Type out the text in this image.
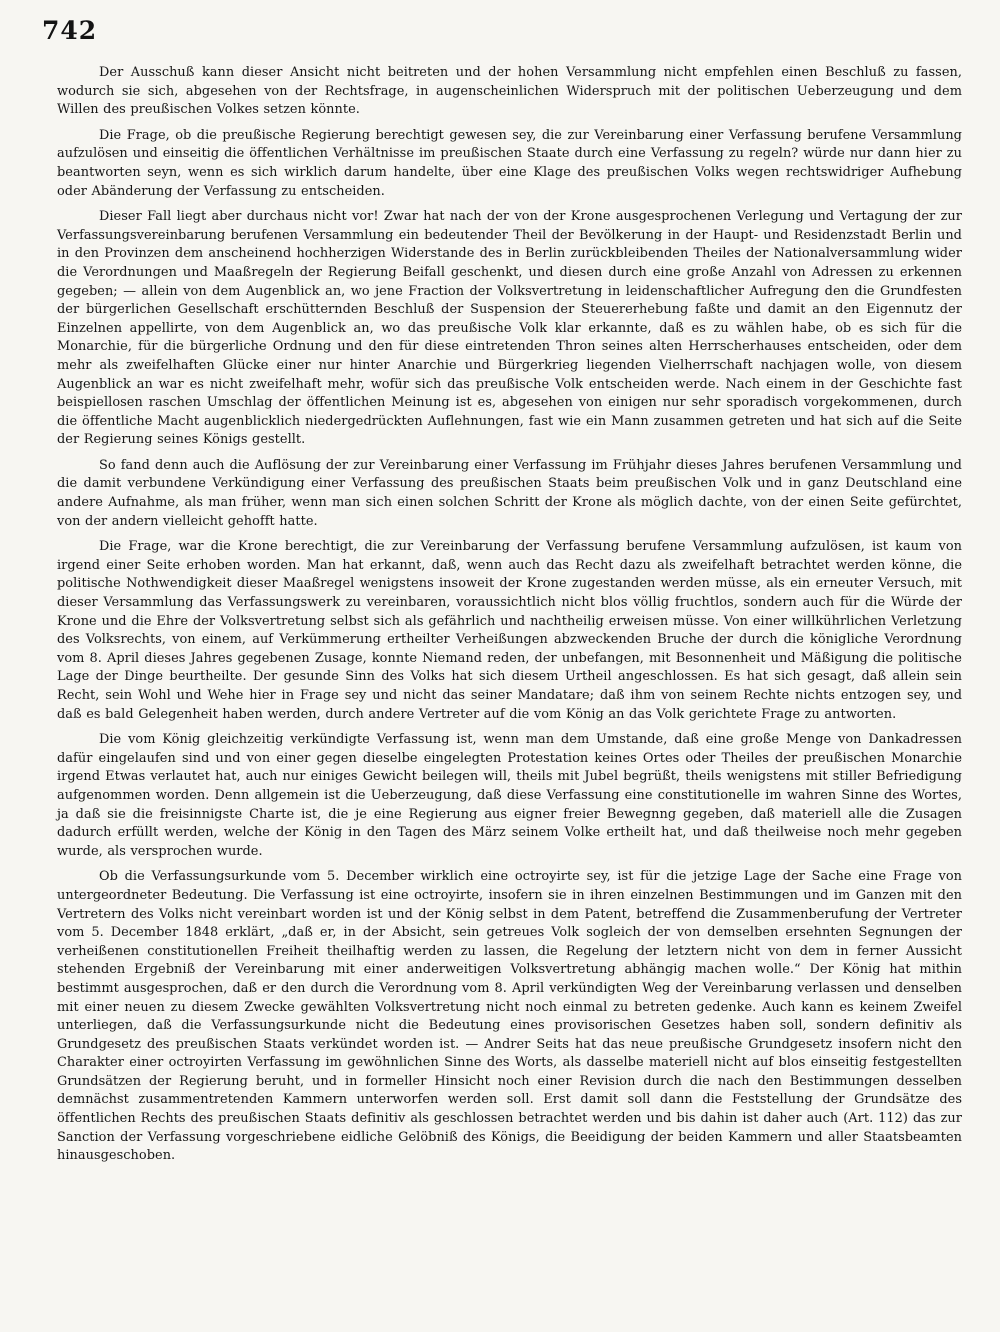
742

Der Ausschuß kann dieser Ansicht nicht beitreten und der hohen Versammlung nicht empfehlen einen Beschluß zu fassen, wodurch sie sich, abgesehen von der Rechtsfrage, in augenscheinlichen Widerspruch mit der politischen Ueberzeugung und dem Willen des preußischen Volkes setzen könnte.

Die Frage, ob die preußische Regierung berechtigt gewesen sey, die zur Vereinbarung einer Verfassung berufene Versammlung aufzulösen und einseitig die öffentlichen Verhältnisse im preußischen Staate durch eine Verfassung zu regeln? würde nur dann hier zu beantworten seyn, wenn es sich wirklich darum handelte, über eine Klage des preußischen Volks wegen rechtswidriger Aufhebung oder Abänderung der Verfassung zu entscheiden.

Dieser Fall liegt aber durchaus nicht vor! Zwar hat nach der von der Krone ausgesprochenen Verlegung und Vertagung der zur Verfassungsvereinbarung berufenen Versammlung ein bedeutender Theil der Bevölkerung in der Haupt- und Residenzstadt Berlin und in den Provinzen dem anscheinend hochherzigen Widerstande des in Berlin zurückbleibenden Theiles der Nationalversammlung wider die Verordnungen und Maaßregeln der Regierung Beifall geschenkt, und diesen durch eine große Anzahl von Adressen zu erkennen gegeben; — allein von dem Augenblick an, wo jene Fraction der Volksvertretung in leidenschaftlicher Aufregung den die Grundfesten der bürgerlichen Gesellschaft erschütternden Beschluß der Suspension der Steuererhebung faßte und damit an den Eigennutz der Einzelnen appellirte, von dem Augenblick an, wo das preußische Volk klar erkannte, daß es zu wählen habe, ob es sich für die Monarchie, für die bürgerliche Ordnung und den für diese eintretenden Thron seines alten Herrscherhauses entscheiden, oder dem mehr als zweifelhaften Glücke einer nur hinter Anarchie und Bürgerkrieg liegenden Vielherrschaft nachjagen wolle, von diesem Augenblick an war es nicht zweifelhaft mehr, wofür sich das preußische Volk entscheiden werde. Nach einem in der Geschichte fast beispiellosen raschen Umschlag der öffentlichen Meinung ist es, abgesehen von einigen nur sehr sporadisch vorgekommenen, durch die öffentliche Macht augenblicklich niedergedrückten Auflehnungen, fast wie ein Mann zusammen getreten und hat sich auf die Seite der Regierung seines Königs gestellt.

So fand denn auch die Auflösung der zur Vereinbarung einer Verfassung im Frühjahr dieses Jahres berufenen Versammlung und die damit verbundene Verkündigung einer Verfassung des preußischen Staats beim preußischen Volk und in ganz Deutschland eine andere Aufnahme, als man früher, wenn man sich einen solchen Schritt der Krone als möglich dachte, von der einen Seite gefürchtet, von der andern vielleicht gehofft hatte.

Die Frage, war die Krone berechtigt, die zur Vereinbarung der Verfassung berufene Versammlung aufzulösen, ist kaum von irgend einer Seite erhoben worden. Man hat erkannt, daß, wenn auch das Recht dazu als zweifelhaft betrachtet werden könne, die politische Nothwendigkeit dieser Maaßregel wenigstens insoweit der Krone zugestanden werden müsse, als ein erneuter Versuch, mit dieser Versammlung das Verfassungswerk zu vereinbaren, voraussichtlich nicht blos völlig fruchtlos, sondern auch für die Würde der Krone und die Ehre der Volksvertretung selbst sich als gefährlich und nachtheilig erweisen müsse. Von einer willkührlichen Verletzung des Volksrechts, von einem, auf Verkümmerung ertheilter Verheißungen abzweckenden Bruche der durch die königliche Verordnung vom 8. April dieses Jahres gegebenen Zusage, konnte Niemand reden, der unbefangen, mit Besonnenheit und Mäßigung die politische Lage der Dinge beurtheilte. Der gesunde Sinn des Volks hat sich diesem Urtheil angeschlossen. Es hat sich gesagt, daß allein sein Recht, sein Wohl und Wehe hier in Frage sey und nicht das seiner Mandatare; daß ihm von seinem Rechte nichts entzogen sey, und daß es bald Gelegenheit haben werden, durch andere Vertreter auf die vom König an das Volk gerichtete Frage zu antworten.

Die vom König gleichzeitig verkündigte Verfassung ist, wenn man dem Umstande, daß eine große Menge von Dankadressen dafür eingelaufen sind und von einer gegen dieselbe eingelegten Protestation keines Ortes oder Theiles der preußischen Monarchie irgend Etwas verlautet hat, auch nur einiges Gewicht beilegen will, theils mit Jubel begrüßt, theils wenigstens mit stiller Befriedigung aufgenommen worden. Denn allgemein ist die Ueberzeugung, daß diese Verfassung eine constitutionelle im wahren Sinne des Wortes, ja daß sie die freisinnigste Charte ist, die je eine Regierung aus eigner freier Bewegnng gegeben, daß materiell alle die Zusagen dadurch erfüllt werden, welche der König in den Tagen des März seinem Volke ertheilt hat, und daß theilweise noch mehr gegeben wurde, als versprochen wurde.

Ob die Verfassungsurkunde vom 5. December wirklich eine octroyirte sey, ist für die jetzige Lage der Sache eine Frage von untergeordneter Bedeutung. Die Verfassung ist eine octroyirte, insofern sie in ihren einzelnen Bestimmungen und im Ganzen mit den Vertretern des Volks nicht vereinbart worden ist und der König selbst in dem Patent, betreffend die Zusammenberufung der Vertreter vom 5. December 1848 erklärt, „daß er, in der Absicht, sein getreues Volk sogleich der von demselben ersehnten Segnungen der verheißenen constitutionellen Freiheit theilhaftig werden zu lassen, die Regelung der letztern nicht von dem in ferner Aussicht stehenden Ergebniß der Vereinbarung mit einer anderweitigen Volksvertretung abhängig machen wolle.“ Der König hat mithin bestimmt ausgesprochen, daß er den durch die Verordnung vom 8. April verkündigten Weg der Vereinbarung verlassen und denselben mit einer neuen zu diesem Zwecke gewählten Volksvertretung nicht noch einmal zu betreten gedenke. Auch kann es keinem Zweifel unterliegen, daß die Verfassungsurkunde nicht die Bedeutung eines provisorischen Gesetzes haben soll, sondern definitiv als Grundgesetz des preußischen Staats verkündet worden ist. — Andrer Seits hat das neue preußische Grundgesetz insofern nicht den Charakter einer octroyirten Verfassung im gewöhnlichen Sinne des Worts, als dasselbe materiell nicht auf blos einseitig festgestellten Grundsätzen der Regierung beruht, und in formeller Hinsicht noch einer Revision durch die nach den Bestimmungen desselben demnächst zusammentretenden Kammern unterworfen werden soll. Erst damit soll dann die Feststellung der Grundsätze des öffentlichen Rechts des preußischen Staats definitiv als geschlossen betrachtet werden und bis dahin ist daher auch (Art. 112) das zur Sanction der Verfassung vorgeschriebene eidliche Gelöbniß des Königs, die Beeidigung der beiden Kammern und aller Staatsbeamten hinausgeschoben.
